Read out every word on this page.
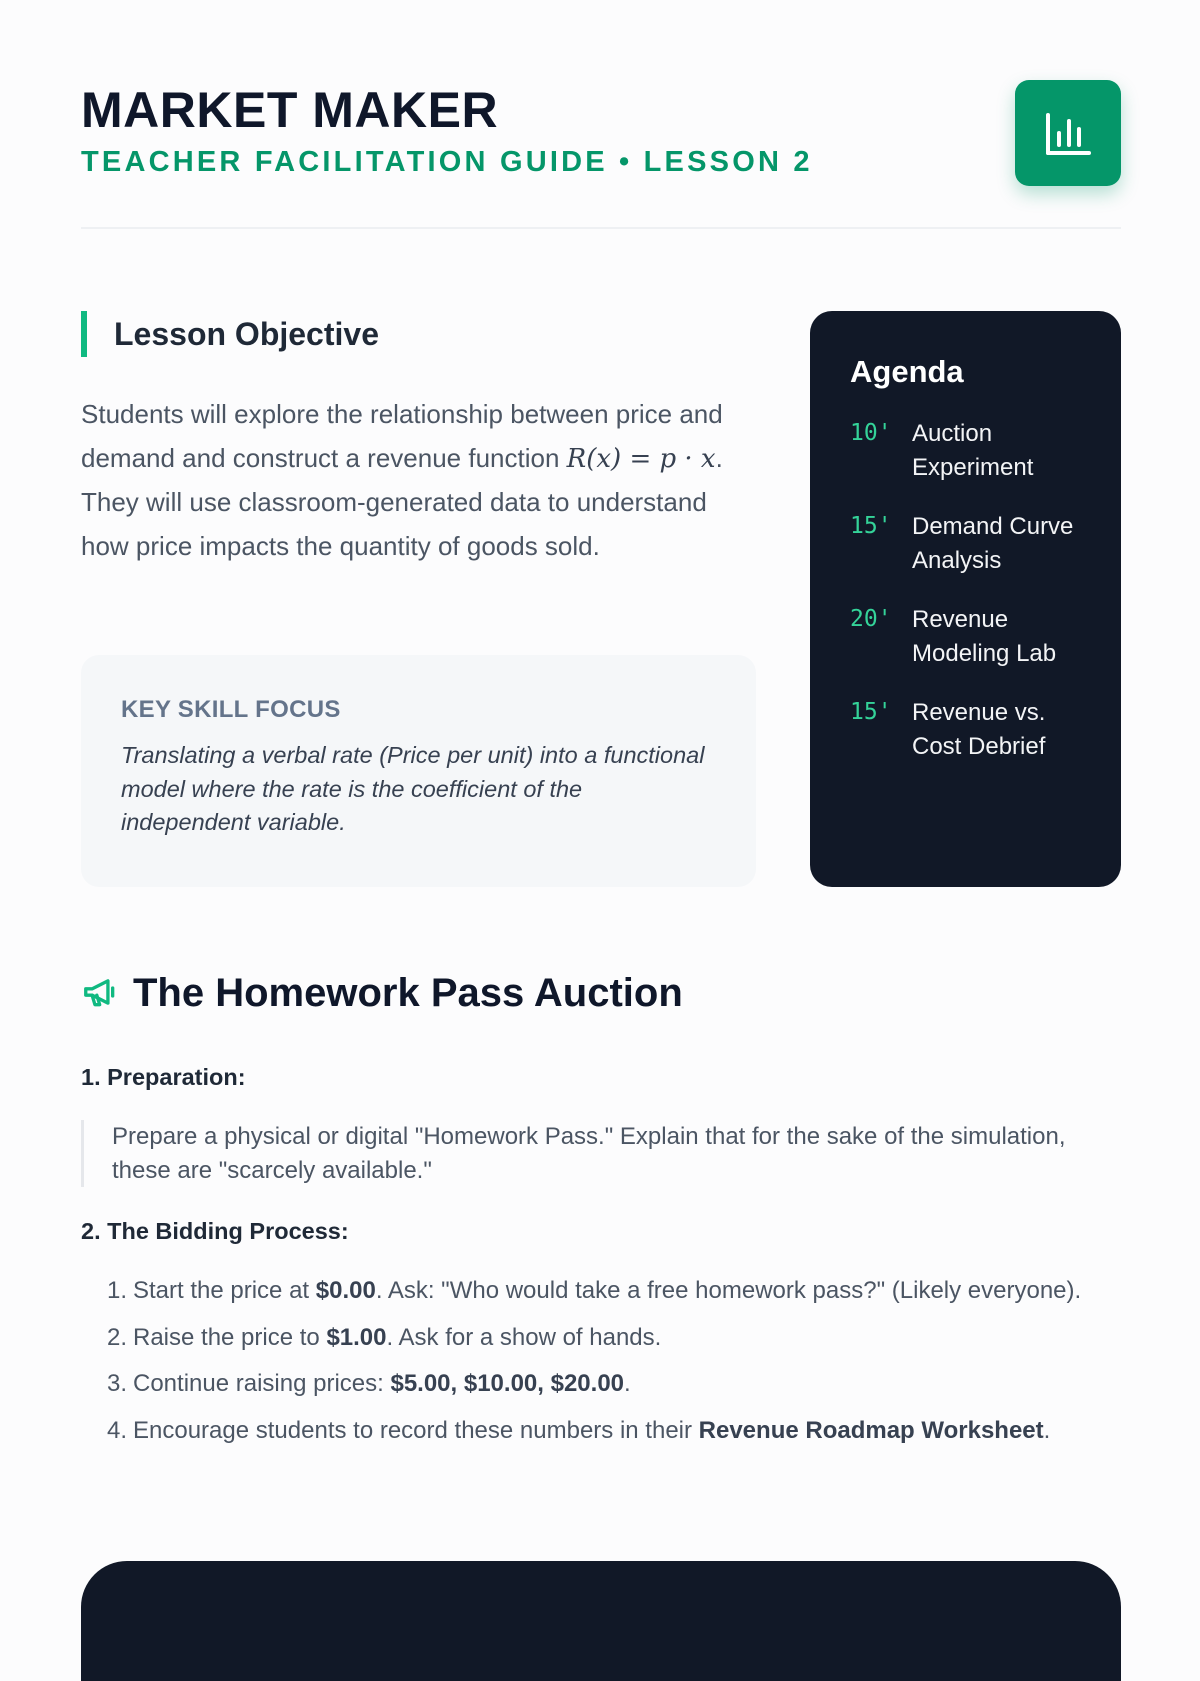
MARKET MAKER
TEACHER FACILITATION GUIDE • LESSON 2
Lesson Objective
Students will explore the relationship between price and demand and construct a revenue function R(x) = p · x. They will use classroom-generated data to understand how price impacts the quantity of goods sold.
KEY SKILL FOCUS
Translating a verbal rate (Price per unit) into a functional model where the rate is the coefficient of the independent variable.
Agenda
10' Auction Experiment
15' Demand Curve Analysis
20' Revenue Modeling Lab
15' Revenue vs. Cost Debrief
The Homework Pass Auction
1. Preparation:
Prepare a physical or digital "Homework Pass." Explain that for the sake of the simulation, these are "scarcely available."
2. The Bidding Process:
1. Start the price at $0.00. Ask: "Who would take a free homework pass?" (Likely everyone).
2. Raise the price to $1.00. Ask for a show of hands.
3. Continue raising prices: $5.00, $10.00, $20.00.
4. Encourage students to record these numbers in their Revenue Roadmap Worksheet.
